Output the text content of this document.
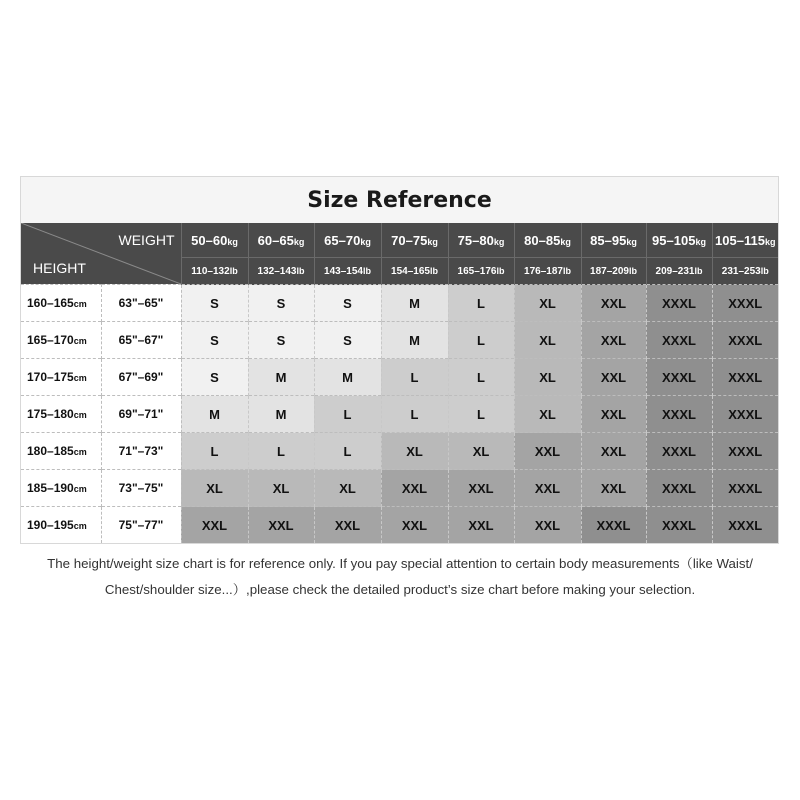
Size Reference
WEIGHT
HEIGHT		50–60kg	60–65kg	65–70kg	70–75kg	75–80kg	80–85kg	85–95kg	95–105kg	105–115kg
		110–132lb	132–143lb	143–154lb	154–165lb	165–176lb	176–187lb	187–209lb	209–231lb	231–253lb
160–165cm	63"–65"	S	S	S	M	L	XL	XXL	XXXL	XXXL
165–170cm	65"–67"	S	S	S	M	L	XL	XXL	XXXL	XXXL
170–175cm	67"–69"	S	M	M	L	L	XL	XXL	XXXL	XXXL
175–180cm	69"–71"	M	M	L	L	L	XL	XXL	XXXL	XXXL
180–185cm	71"–73"	L	L	L	XL	XL	XXL	XXL	XXXL	XXXL
185–190cm	73"–75"	XL	XL	XL	XXL	XXL	XXL	XXL	XXXL	XXXL
190–195cm	75"–77"	XXL	XXL	XXL	XXL	XXL	XXL	XXXL	XXXL	XXXL
The height/weight size chart is for reference only. If you pay special attention to certain body measurements（like Waist/
Chest/shoulder size...）,please check the detailed product’s size chart before making your selection.
